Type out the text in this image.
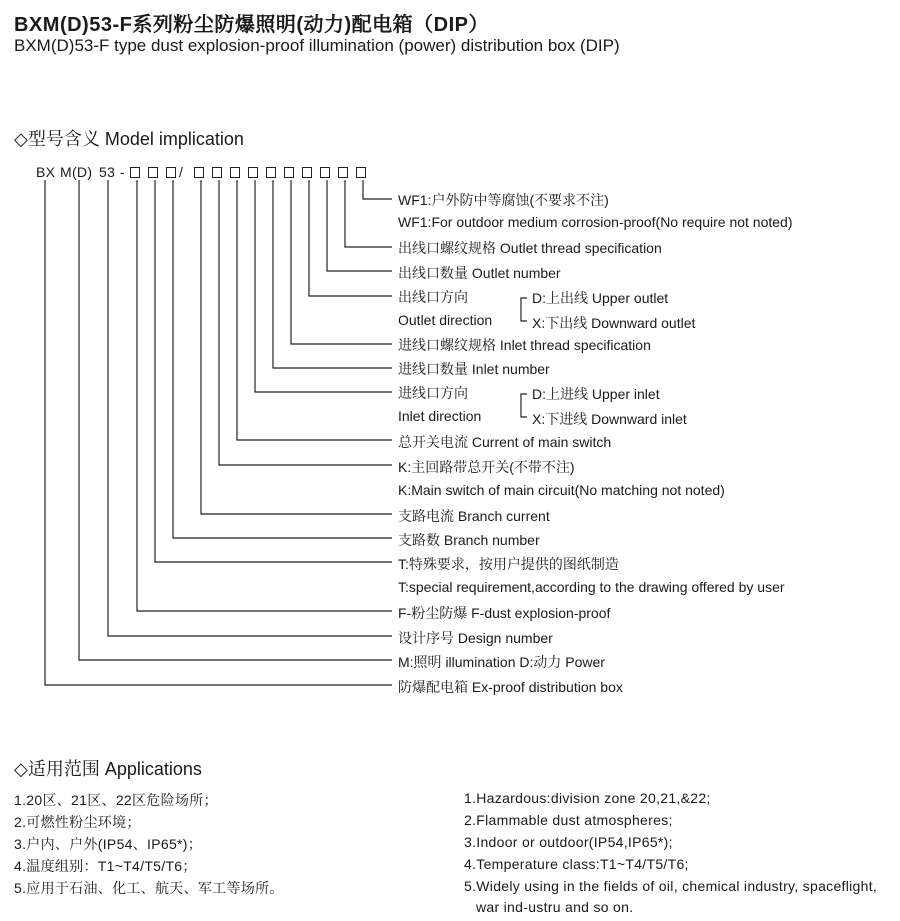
BXM(D)53-F系列粉尘防爆照明(动力)配电箱（DIP）
BXM(D)53-F type dust explosion-proof illumination (power) distribution box (DIP)
◇型号含义 Model implication
BX M(D) 53 -	/
WF1:户外防中等腐蚀(不要求不注)
WF1:For outdoor medium corrosion-proof(No require not noted)
出线口螺纹规格 Outlet thread specification
出线口数量 Outlet number
出线口方向
Outlet direction
D:上出线 Upper outlet
X:下出线 Downward outlet
进线口螺纹规格 Inlet thread specification
进线口数量 Inlet number
进线口方向
Inlet direction
D:上进线 Upper inlet
X:下进线 Downward inlet
总开关电流 Current of main switch
K:主回路带总开关(不带不注)
K:Main switch of main circuit(No matching not noted)
支路电流 Branch current
支路数 Branch number
T:特殊要求，按用户提供的图纸制造
T:special requirement,according to the drawing offered by user
F-粉尘防爆 F-dust explosion-proof
设计序号 Design number
M:照明 illumination D:动力 Power
防爆配电箱 Ex-proof distribution box
◇适用范围 Applications
1.20区、21区、22区危险场所；
2.可燃性粉尘环境；
3.户内、户外(IP54、IP65*)；
4.温度组别：T1~T4/T5/T6；
5.应用于石油、化工、航天、军工等场所。
1.Hazardous:division zone 20,21,&22;
2.Flammable dust atmospheres;
3.Indoor or outdoor(IP54,IP65*);
4.Temperature class:T1~T4/T5/T6;
5.Widely using in the fields of oil, chemical industry, spaceflight,
war ind-ustru and so on.
